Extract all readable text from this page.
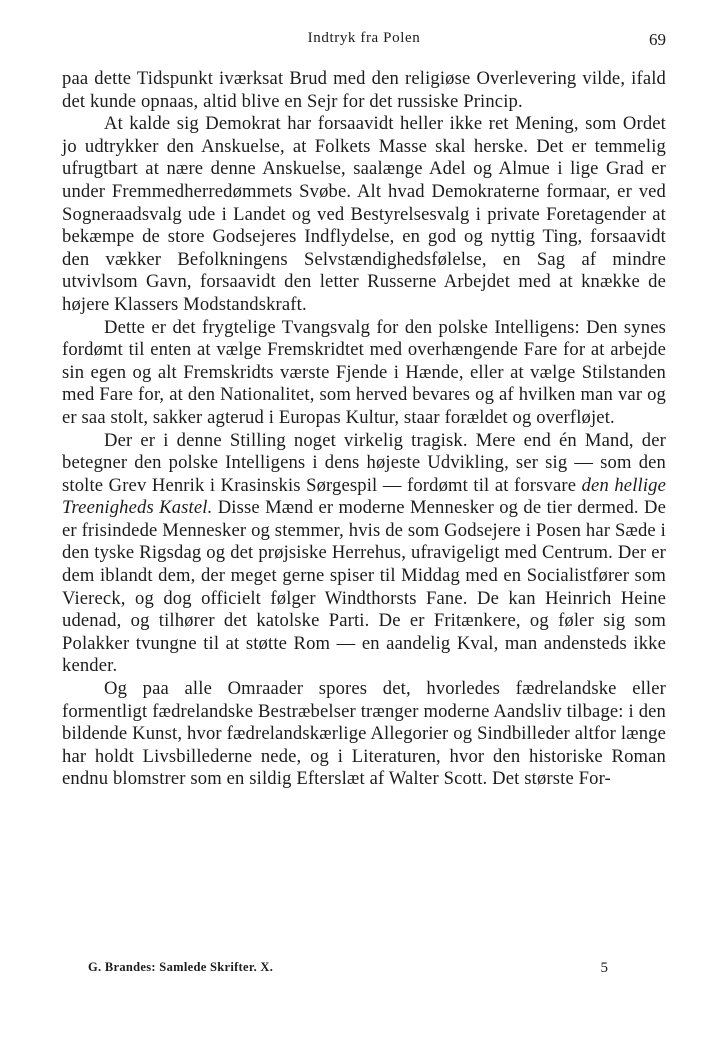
Indtryk fra Polen	69

paa dette Tidspunkt iværksat Brud med den religiøse Overlevering vilde, ifald det kunde opnaas, altid blive en Sejr for det russiske Princip.

At kalde sig Demokrat har forsaavidt heller ikke ret Mening, som Ordet jo udtrykker den Anskuelse, at Folkets Masse skal herske. Det er temmelig ufrugtbart at nære denne Anskuelse, saalænge Adel og Almue i lige Grad er under Fremmedherredømmets Svøbe. Alt hvad Demokraterne formaar, er ved Sogneraadsvalg ude i Landet og ved Bestyrelsesvalg i private Foretagender at bekæmpe de store Godsejeres Indflydelse, en god og nyttig Ting, forsaavidt den vækker Befolkningens Selvstændighedsfølelse, en Sag af mindre utvivlsom Gavn, forsaavidt den letter Russerne Arbejdet med at knække de højere Klassers Modstandskraft.

Dette er det frygtelige Tvangsvalg for den polske Intelligens: Den synes fordømt til enten at vælge Fremskridtet med overhængende Fare for at arbejde sin egen og alt Fremskridts værste Fjende i Hænde, eller at vælge Stilstanden med Fare for, at den Nationalitet, som herved bevares og af hvilken man var og er saa stolt, sakker agterud i Europas Kultur, staar forældet og overfløjet.

Der er i denne Stilling noget virkelig tragisk. Mere end én Mand, der betegner den polske Intelligens i dens højeste Udvikling, ser sig — som den stolte Grev Henrik i Krasinskis Sørgespil — fordømt til at forsvare den hellige Treenigheds Kastel. Disse Mænd er moderne Mennesker og de tier dermed. De er frisindede Mennesker og stemmer, hvis de som Godsejere i Posen har Sæde i den tyske Rigsdag og det prøjsiske Herrehus, ufravigeligt med Centrum. Der er dem iblandt dem, der meget gerne spiser til Middag med en Socialistfører som Viereck, og dog officielt følger Windthorsts Fane. De kan Heinrich Heine udenad, og tilhører det katolske Parti. De er Fritænkere, og føler sig som Polakker tvungne til at støtte Rom — en aandelig Kval, man andensteds ikke kender.

Og paa alle Omraader spores det, hvorledes fædrelandske eller formentligt fædrelandske Bestræbelser trænger moderne Aandsliv tilbage: i den bildende Kunst, hvor fædrelandskærlige Allegorier og Sindbilleder altfor længe har holdt Livsbillederne nede, og i Literaturen, hvor den historiske Roman endnu blomstrer som en sildig Efterslæt af Walter Scott. Det største For-

G. Brandes: Samlede Skrifter. X.	5
